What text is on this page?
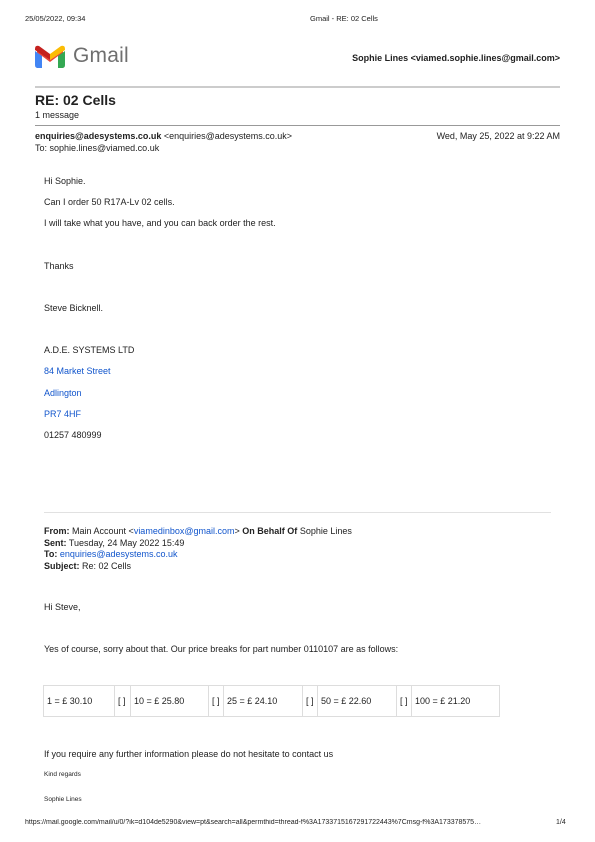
25/05/2022, 09:34	Gmail - RE: 02 Cells
Gmail	Sophie Lines <viamed.sophie.lines@gmail.com>
RE: 02 Cells
1 message
enquiries@adesystems.co.uk <enquiries@adesystems.co.uk>	Wed, May 25, 2022 at 9:22 AM
To: sophie.lines@viamed.co.uk
Hi Sophie.
Can I order 50 R17A-Lv 02 cells.
I will take what you have, and you can back order the rest.
Thanks
Steve Bicknell.
A.D.E. SYSTEMS LTD
84 Market Street
Adlington
PR7 4HF
01257 480999
From: Main Account <viamedinbox@gmail.com> On Behalf Of Sophie Lines
Sent: Tuesday, 24 May 2022 15:49
To: enquiries@adesystems.co.uk
Subject: Re: 02 Cells
Hi Steve,
Yes of course, sorry about that. Our price breaks for part number 0110107 are as follows:
1 = £ 30.10	[ ] 10 = £ 25.80	[ ] 25 = £ 24.10	[ ] 50 = £ 22.60	[ ] 100 = £ 21.20
If you require any further information please do not hesitate to contact us
Kind regards
Sophie Lines
https://mail.google.com/mail/u/0/?ik=d104de5290&view=pt&search=all&permthid=thread-f%3A1733715167291722443%7Cmsg-f%3A173378575…	1/4
